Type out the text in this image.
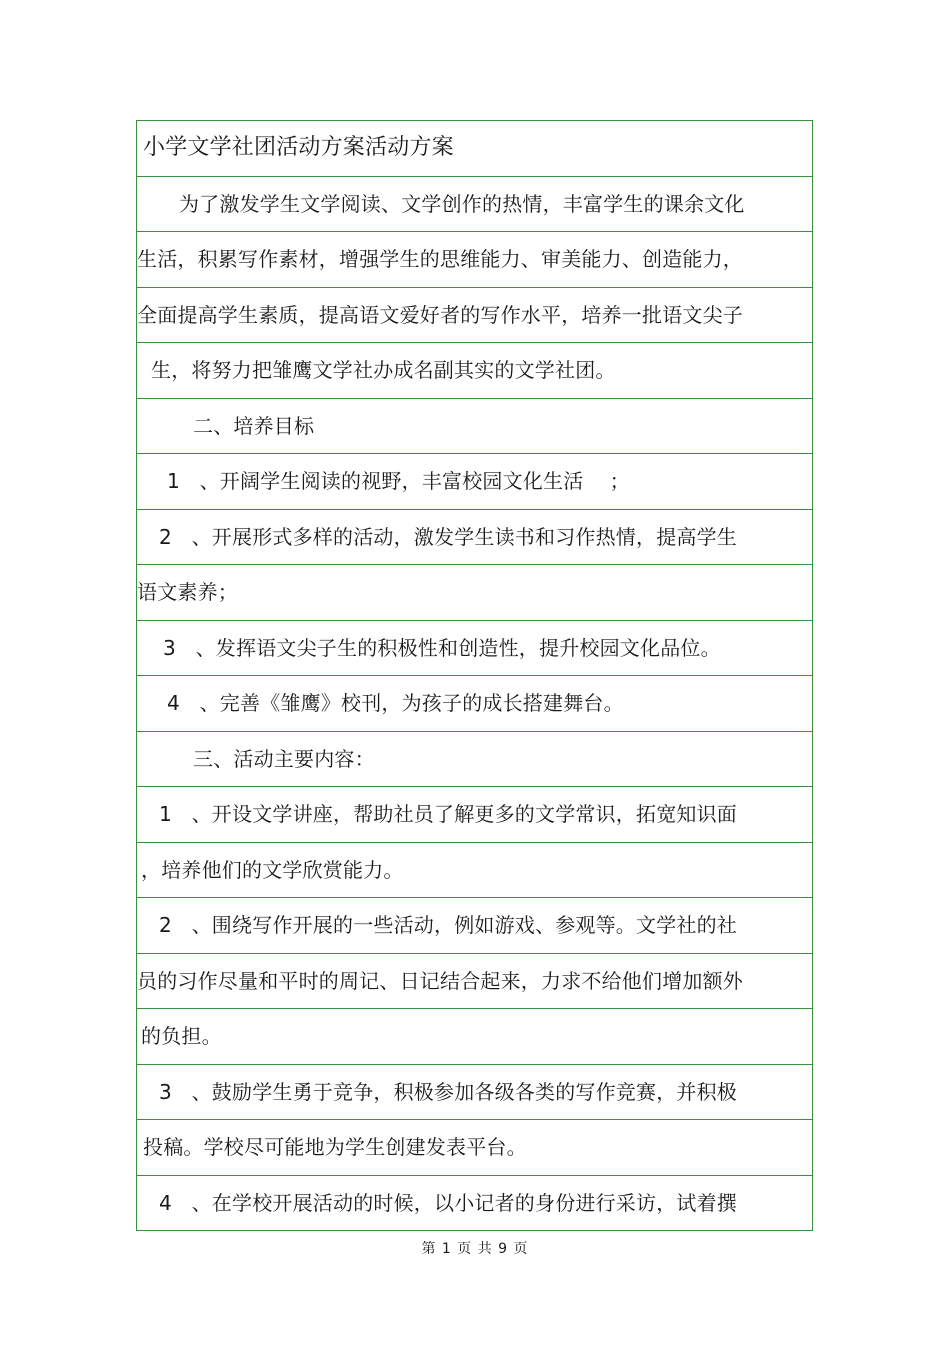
小学文学社团活动方案活动方案
为了激发学生文学阅读、文学创作的热情，丰富学生的课余文化
生活，积累写作素材，增强学生的思维能力、审美能力、创造能力，
全面提高学生素质，提高语文爱好者的写作水平，培养一批语文尖子
生，将努力把雏鹰文学社办成名副其实的文学社团。
二、培养目标
1   、开阔学生阅读的视野，丰富校园文化生活    ；
2   、开展形式多样的活动，激发学生读书和习作热情，提高学生
语文素养；
3   、发挥语文尖子生的积极性和创造性，提升校园文化品位。
4   、完善《雏鹰》校刊，为孩子的成长搭建舞台。
三、活动主要内容：
1   、开设文学讲座，帮助社员了解更多的文学常识，拓宽知识面
，培养他们的文学欣赏能力。
2   、围绕写作开展的一些活动，例如游戏、参观等。文学社的社
员的习作尽量和平时的周记、日记结合起来，力求不给他们增加额外
的负担。
3   、鼓励学生勇于竞争，积极参加各级各类的写作竞赛，并积极
投稿。学校尽可能地为学生创建发表平台。
4   、在学校开展活动的时候，以小记者的身份进行采访，试着撰
第 1 页 共 9 页
